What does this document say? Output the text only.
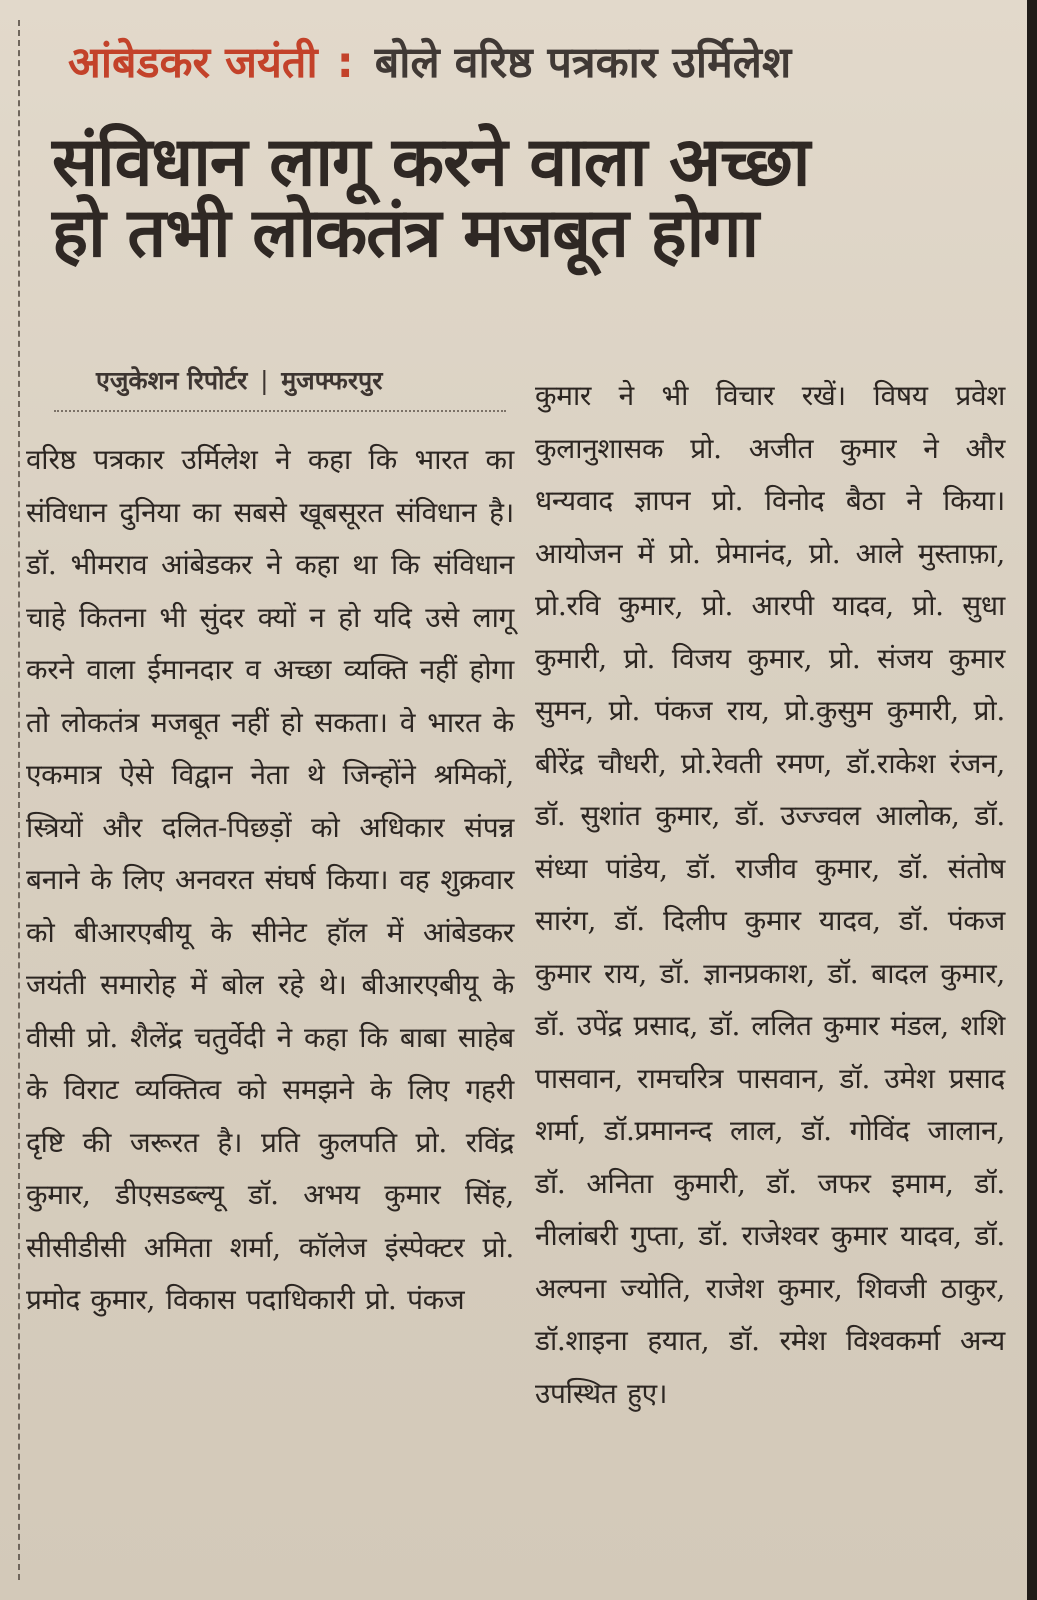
आंबेडकर जयंती : बोले वरिष्ठ पत्रकार उर्मिलेश
संविधान लागू करने वाला अच्छा
हो तभी लोकतंत्र मजबूत होगा
एजुकेशन रिपोर्टर | मुजफ्फरपुर

वरिष्ठ पत्रकार उर्मिलेश ने कहा कि भारत का संविधान दुनिया का सबसे खूबसूरत संविधान है। डॉ. भीमराव आंबेडकर ने कहा था कि संविधान चाहे कितना भी सुंदर क्यों न हो यदि उसे लागू करने वाला ईमानदार व अच्छा व्यक्ति नहीं होगा तो लोकतंत्र मजबूत नहीं हो सकता। वे भारत के एकमात्र ऐसे विद्वान नेता थे जिन्होंने श्रमिकों, स्त्रियों और दलित-पिछड़ों को अधिकार संपन्न बनाने के लिए अनवरत संघर्ष किया। वह शुक्रवार को बीआरएबीयू के सीनेट हॉल में आंबेडकर जयंती समारोह में बोल रहे थे। बीआरएबीयू के वीसी प्रो. शैलेंद्र चतुर्वेदी ने कहा कि बाबा साहेब के विराट व्यक्तित्व को समझने के लिए गहरी दृष्टि की जरूरत है। प्रति कुलपति प्रो. रविंद्र कुमार, डीएसडब्ल्यू डॉ. अभय कुमार सिंह, सीसीडीसी अमिता शर्मा, कॉलेज इंस्पेक्टर प्रो. प्रमोद कुमार, विकास पदाधिकारी प्रो. पंकज

कुमार ने भी विचार रखें। विषय प्रवेश कुलानुशासक प्रो. अजीत कुमार ने और धन्यवाद ज्ञापन प्रो. विनोद बैठा ने किया। आयोजन में प्रो. प्रेमानंद, प्रो. आले मुस्ताफ़ा, प्रो.रवि कुमार, प्रो. आरपी यादव, प्रो. सुधा कुमारी, प्रो. विजय कुमार, प्रो. संजय कुमार सुमन, प्रो. पंकज राय, प्रो.कुसुम कुमारी, प्रो. बीरेंद्र चौधरी, प्रो.रेवती रमण, डॉ.राकेश रंजन, डॉ. सुशांत कुमार, डॉ. उज्ज्वल आलोक, डॉ. संध्या पांडेय, डॉ. राजीव कुमार, डॉ. संतोष सारंग, डॉ. दिलीप कुमार यादव, डॉ. पंकज कुमार राय, डॉ. ज्ञानप्रकाश, डॉ. बादल कुमार, डॉ. उपेंद्र प्रसाद, डॉ. ललित कुमार मंडल, शशि पासवान, रामचरित्र पासवान, डॉ. उमेश प्रसाद शर्मा, डॉ.प्रमानन्द लाल, डॉ. गोविंद जालान, डॉ. अनिता कुमारी, डॉ. जफर इमाम, डॉ. नीलांबरी गुप्ता, डॉ. राजेश्वर कुमार यादव, डॉ. अल्पना ज्योति, राजेश कुमार, शिवजी ठाकुर, डॉ.शाइना हयात, डॉ. रमेश विश्वकर्मा अन्य उपस्थित हुए।
